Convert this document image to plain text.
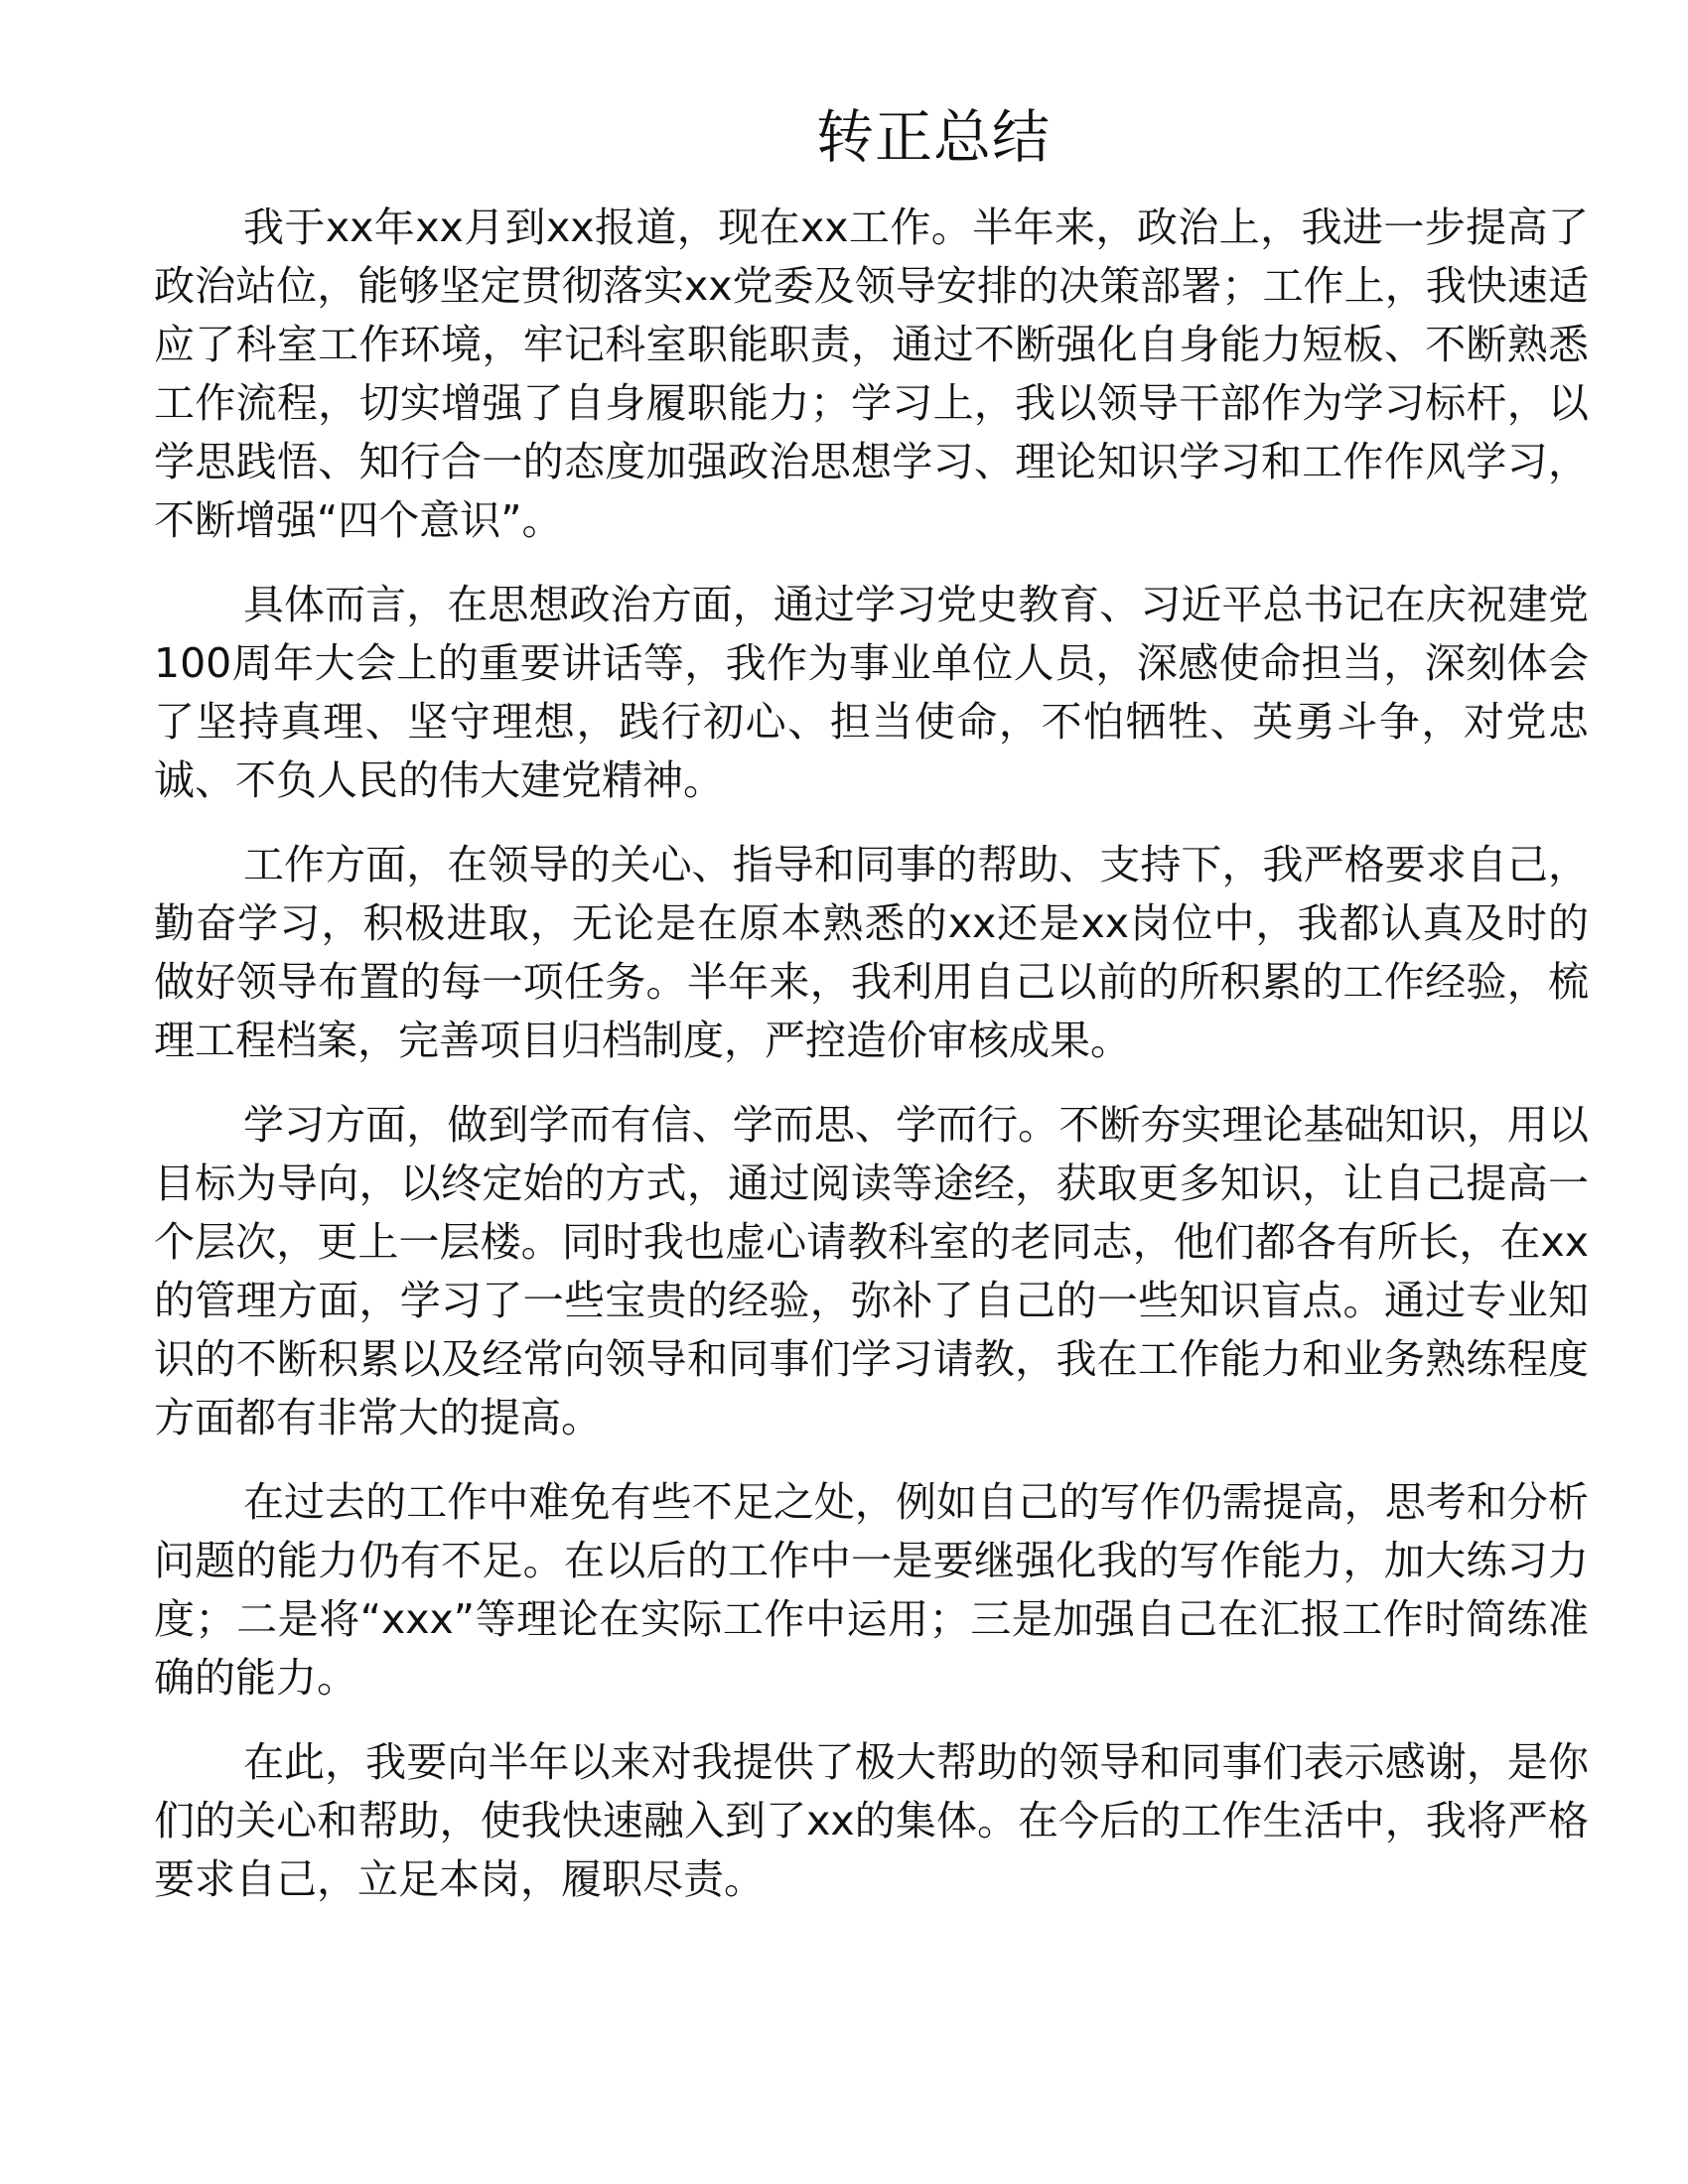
转正总结

我于xx年xx月到xx报道，现在xx工作。半年来，政治上，我进一步提高了政治站位，能够坚定贯彻落实xx党委及领导安排的决策部署；工作上，我快速适应了科室工作环境，牢记科室职能职责，通过不断强化自身能力短板、不断熟悉工作流程，切实增强了自身履职能力；学习上，我以领导干部作为学习标杆，以学思践悟、知行合一的态度加强政治思想学习、理论知识学习和工作作风学习，不断增强“四个意识”。

具体而言，在思想政治方面，通过学习党史教育、习近平总书记在庆祝建党100周年大会上的重要讲话等，我作为事业单位人员，深感使命担当，深刻体会了坚持真理、坚守理想，践行初心、担当使命，不怕牺牲、英勇斗争，对党忠诚、不负人民的伟大建党精神。

工作方面，在领导的关心、指导和同事的帮助、支持下，我严格要求自己，勤奋学习，积极进取，无论是在原本熟悉的xx还是xx岗位中，我都认真及时的做好领导布置的每一项任务。半年来，我利用自己以前的所积累的工作经验，梳理工程档案，完善项目归档制度，严控造价审核成果。

学习方面，做到学而有信、学而思、学而行。不断夯实理论基础知识，用以目标为导向，以终定始的方式，通过阅读等途经，获取更多知识，让自己提高一个层次，更上一层楼。同时我也虚心请教科室的老同志，他们都各有所长，在xx的管理方面，学习了一些宝贵的经验，弥补了自己的一些知识盲点。通过专业知识的不断积累以及经常向领导和同事们学习请教，我在工作能力和业务熟练程度方面都有非常大的提高。

在过去的工作中难免有些不足之处，例如自己的写作仍需提高，思考和分析问题的能力仍有不足。在以后的工作中一是要继强化我的写作能力，加大练习力度；二是将“xxx”等理论在实际工作中运用；三是加强自己在汇报工作时简练准确的能力。

在此，我要向半年以来对我提供了极大帮助的领导和同事们表示感谢，是你们的关心和帮助，使我快速融入到了xx的集体。在今后的工作生活中，我将严格要求自己，立足本岗，履职尽责。
